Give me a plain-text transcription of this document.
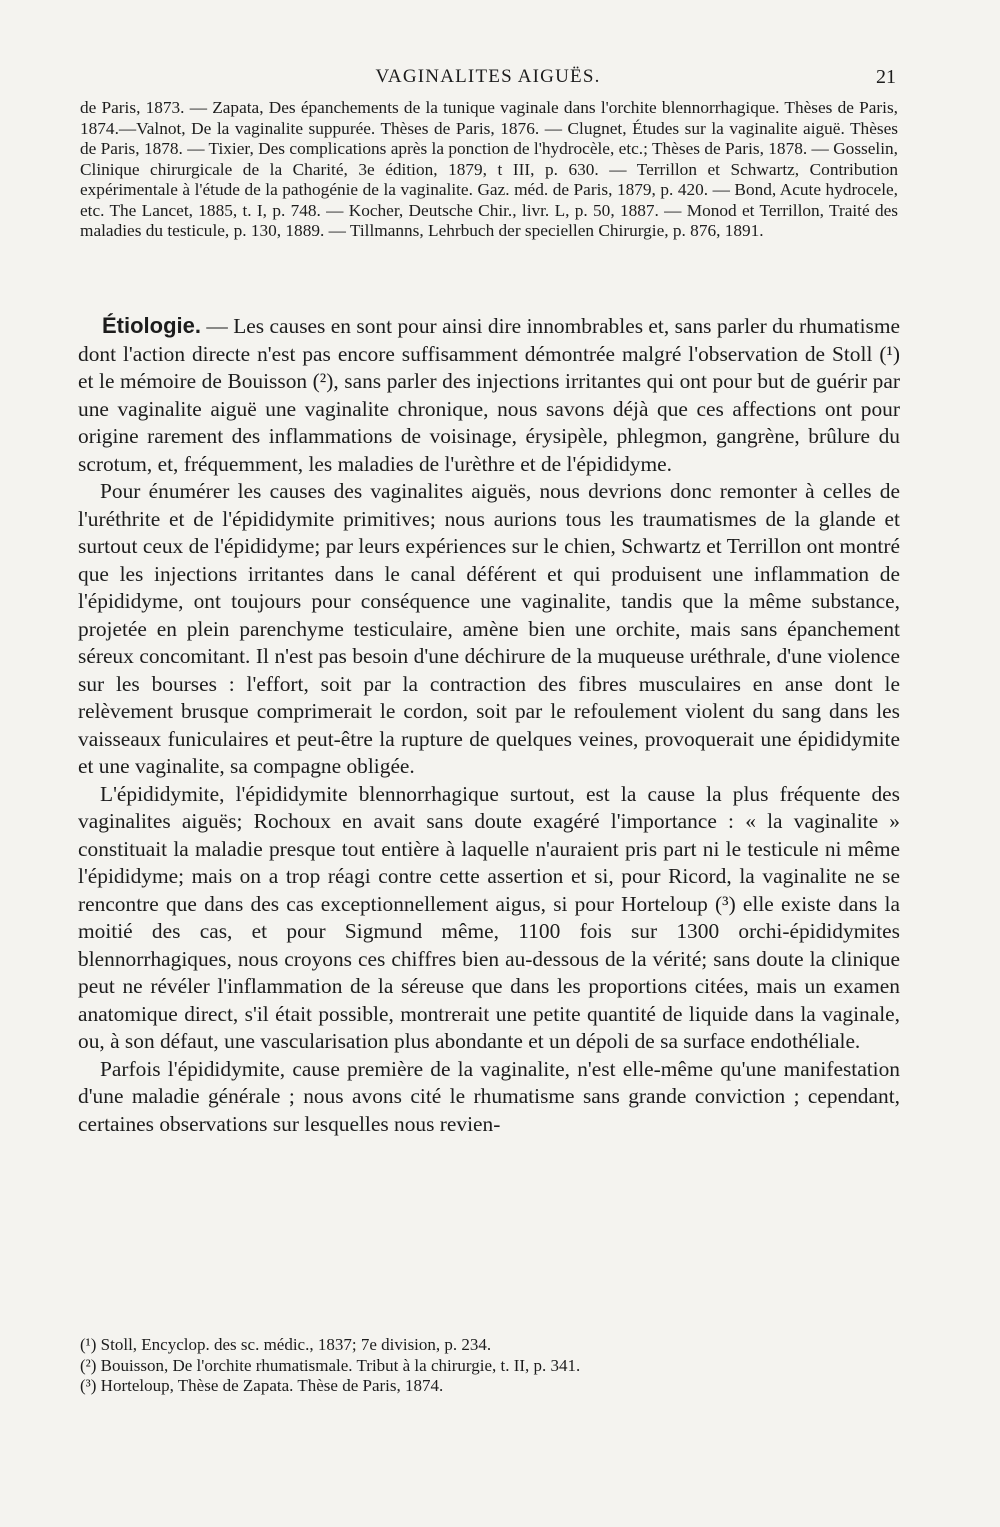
VAGINALITES AIGUËS.	21
de Paris, 1873. — Zapata, Des épanchements de la tunique vaginale dans l'orchite blennorrhagique. Thèses de Paris, 1874.—Valnot, De la vaginalite suppurée. Thèses de Paris, 1876. — Clugnet, Études sur la vaginalite aiguë. Thèses de Paris, 1878. — Tixier, Des complications après la ponction de l'hydrocèle, etc.; Thèses de Paris, 1878. — Gosselin, Clinique chirurgicale de la Charité, 3e édition, 1879, t III, p. 630. — Terrillon et Schwartz, Contribution expérimentale à l'étude de la pathogénie de la vaginalite. Gaz. méd. de Paris, 1879, p. 420. — Bond, Acute hydrocele, etc. The Lancet, 1885, t. I, p. 748. — Kocher, Deutsche Chir., livr. L, p. 50, 1887. — Monod et Terrillon, Traité des maladies du testicule, p. 130, 1889. — Tillmanns, Lehrbuch der speciellen Chirurgie, p. 876, 1891.

Étiologie. — Les causes en sont pour ainsi dire innombrables et, sans parler du rhumatisme dont l'action directe n'est pas encore suffisamment démontrée malgré l'observation de Stoll (¹) et le mémoire de Bouisson (²), sans parler des injections irritantes qui ont pour but de guérir par une vaginalite aiguë une vaginalite chronique, nous savons déjà que ces affections ont pour origine rarement des inflammations de voisinage, érysipèle, phlegmon, gangrène, brûlure du scrotum, et, fréquemment, les maladies de l'urèthre et de l'épididyme.

Pour énumérer les causes des vaginalites aiguës, nous devrions donc remonter à celles de l'uréthrite et de l'épididymite primitives; nous aurions tous les traumatismes de la glande et surtout ceux de l'épididyme; par leurs expériences sur le chien, Schwartz et Terrillon ont montré que les injections irritantes dans le canal déférent et qui produisent une inflammation de l'épididyme, ont toujours pour conséquence une vaginalite, tandis que la même substance, projetée en plein parenchyme testiculaire, amène bien une orchite, mais sans épanchement séreux concomitant. Il n'est pas besoin d'une déchirure de la muqueuse uréthrale, d'une violence sur les bourses : l'effort, soit par la contraction des fibres musculaires en anse dont le relèvement brusque comprimerait le cordon, soit par le refoulement violent du sang dans les vaisseaux funiculaires et peut-être la rupture de quelques veines, provoquerait une épididymite et une vaginalite, sa compagne obligée.

L'épididymite, l'épididymite blennorrhagique surtout, est la cause la plus fréquente des vaginalites aiguës; Rochoux en avait sans doute exagéré l'importance : « la vaginalite » constituait la maladie presque tout entière à laquelle n'auraient pris part ni le testicule ni même l'épididyme; mais on a trop réagi contre cette assertion et si, pour Ricord, la vaginalite ne se rencontre que dans des cas exceptionnellement aigus, si pour Horteloup (³) elle existe dans la moitié des cas, et pour Sigmund même, 1100 fois sur 1300 orchi-épididymites blennorrhagiques, nous croyons ces chiffres bien au-dessous de la vérité; sans doute la clinique peut ne révéler l'inflammation de la séreuse que dans les proportions citées, mais un examen anatomique direct, s'il était possible, montrerait une petite quantité de liquide dans la vaginale, ou, à son défaut, une vascularisation plus abondante et un dépoli de sa surface endothéliale.

Parfois l'épididymite, cause première de la vaginalite, n'est elle-même qu'une manifestation d'une maladie générale ; nous avons cité le rhumatisme sans grande conviction ; cependant, certaines observations sur lesquelles nous revien-

(¹) Stoll, Encyclop. des sc. médic., 1837; 7e division, p. 234.

(²) Bouisson, De l'orchite rhumatismale. Tribut à la chirurgie, t. II, p. 341.

(³) Horteloup, Thèse de Zapata. Thèse de Paris, 1874.
